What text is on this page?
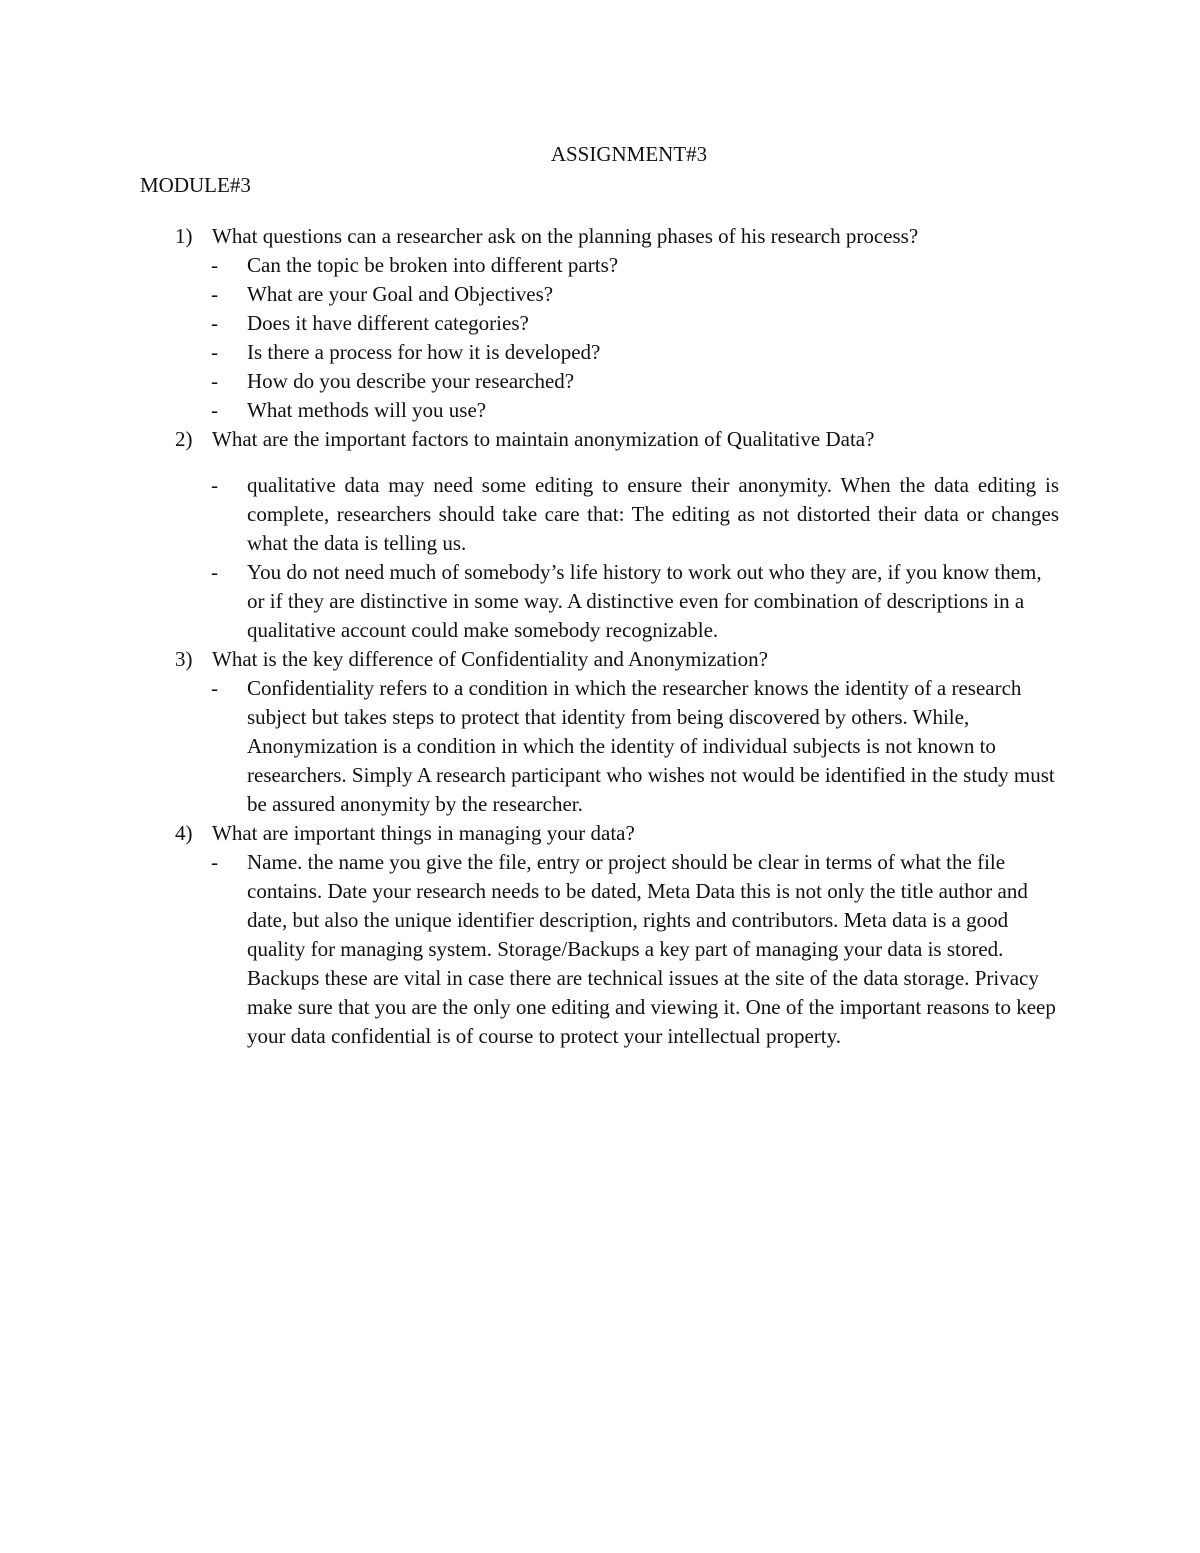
ASSIGNMENT#3

MODULE#3

1) What questions can a researcher ask on the planning phases of his research process?
- Can the topic be broken into different parts?
- What are your Goal and Objectives?
- Does it have different categories?
- Is there a process for how it is developed?
- How do you describe your researched?
- What methods will you use?
2) What are the important factors to maintain anonymization of Qualitative Data?
- qualitative data may need some editing to ensure their anonymity. When the data editing is complete, researchers should take care that: The editing as not distorted their data or changes what the data is telling us.
- You do not need much of somebody’s life history to work out who they are, if you know them, or if they are distinctive in some way. A distinctive even for combination of descriptions in a qualitative account could make somebody recognizable.
3) What is the key difference of Confidentiality and Anonymization?
- Confidentiality refers to a condition in which the researcher knows the identity of a research subject but takes steps to protect that identity from being discovered by others. While, Anonymization is a condition in which the identity of individual subjects is not known to researchers. Simply A research participant who wishes not would be identified in the study must be assured anonymity by the researcher.
4) What are important things in managing your data?
- Name. the name you give the file, entry or project should be clear in terms of what the file contains. Date your research needs to be dated, Meta Data this is not only the title author and date, but also the unique identifier description, rights and contributors. Meta data is a good quality for managing system. Storage/Backups a key part of managing your data is stored. Backups these are vital in case there are technical issues at the site of the data storage. Privacy make sure that you are the only one editing and viewing it. One of the important reasons to keep your data confidential is of course to protect your intellectual property.
